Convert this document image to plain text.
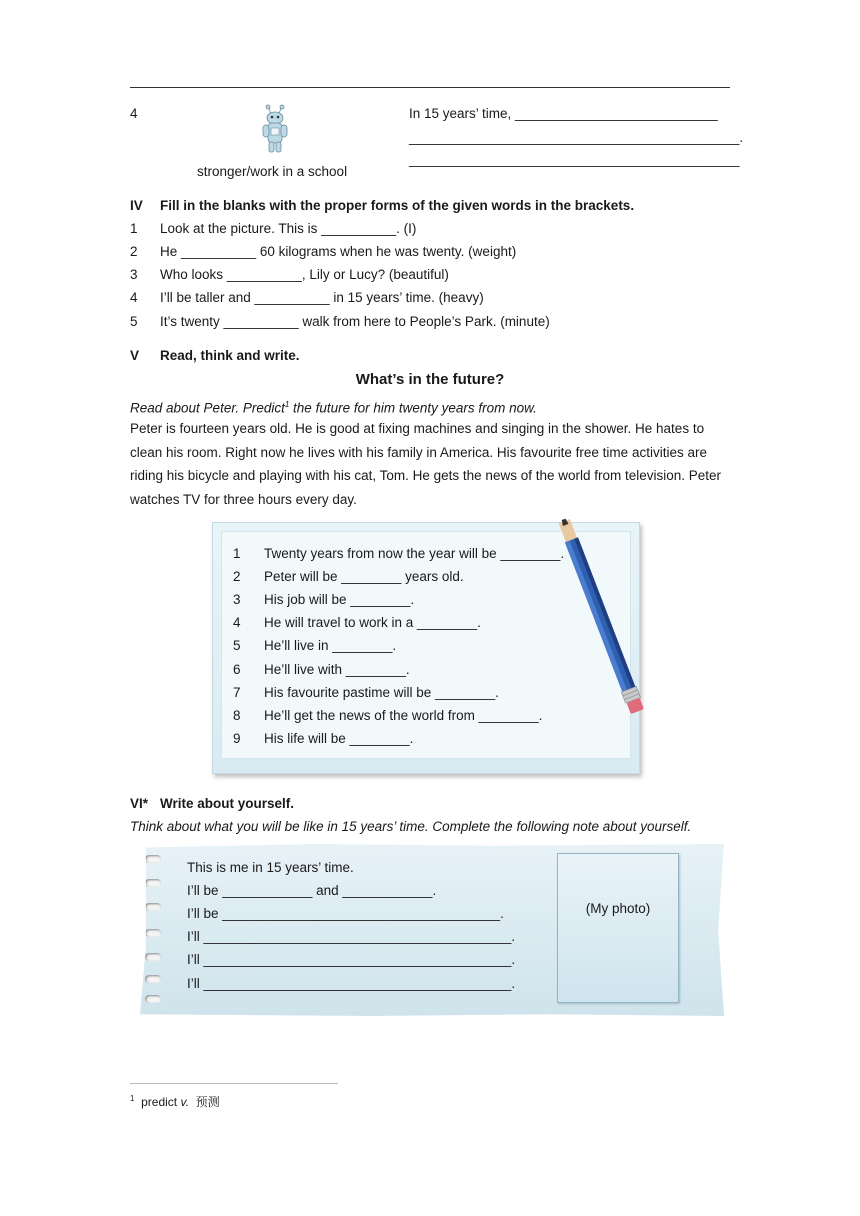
4
stronger/work in a school
In 15 years’ time, ___________________________
____________________________________________.
____________________________________________
IV Fill in the blanks with the proper forms of the given words in the brackets.
1 Look at the picture. This is __________. (I)
2 He __________ 60 kilograms when he was twenty. (weight)
3 Who looks __________, Lily or Lucy? (beautiful)
4 I’ll be taller and __________ in 15 years’ time. (heavy)
5 It’s twenty __________ walk from here to People’s Park. (minute)
V Read, think and write.
What’s in the future?
Read about Peter. Predict$^1$ the future for him twenty years from now.
Peter is fourteen years old. He is good at fixing machines and singing in the shower. He hates to clean his room. Right now he lives with his family in America. His favourite free time activities are riding his bicycle and playing with his cat, Tom. He gets the news of the world from television. Peter watches TV for three hours every day.
1 Twenty years from now the year will be ________.
2 Peter will be ________ years old.
3 His job will be ________.
4 He will travel to work in a ________.
5 He’ll live in ________.
6 He’ll live with ________.
7 His favourite pastime will be ________.
8 He’ll get the news of the world from ________.
9 His life will be ________.
VI* Write about yourself.
Think about what you will be like in 15 years’ time. Complete the following note about yourself.
This is me in 15 years’ time.
I’ll be ____________ and ____________.
I’ll be _____________________________________.
I’ll _________________________________________.
I’ll _________________________________________.
I’ll _________________________________________.
(My photo)
$^1$ predict v. 预测
